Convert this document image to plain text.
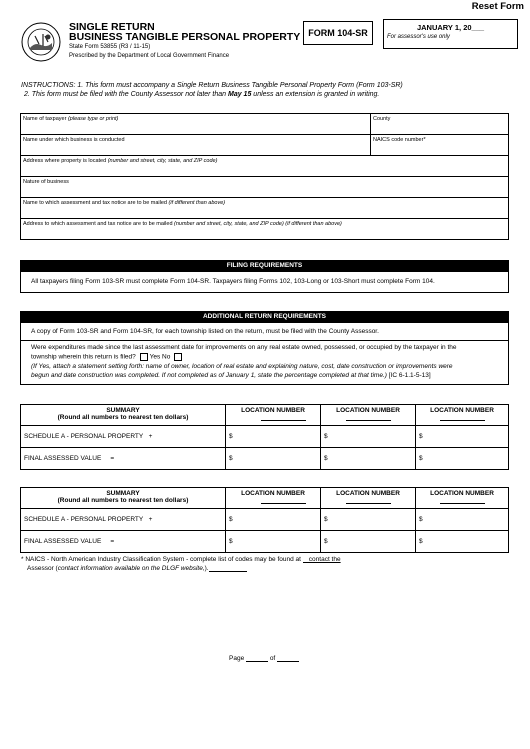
Reset Form
SINGLE RETURN
BUSINESS TANGIBLE PERSONAL PROPERTY
State Form 53855 (R3 / 11-15)
Prescribed by the Department of Local Government Finance
FORM 104-SR
JANUARY 1, 20___
For assessor's use only
INSTRUCTIONS: 1. This form must accompany a Single Return Business Tangible Personal Property Form (Form 103-SR)
2. This form must be filed with the County Assessor not later than May 15 unless an extension is granted in writing.
Name of taxpayer (please type or print)	County
Name under which business is conducted	NAICS code number*
Address where property is located (number and street, city, state, and ZIP code)	
Nature of business	
Name to which assessment and tax notice are to be mailed (if different than above)	
Address to which assessment and tax notice are to be mailed (number and street, city, state, and ZIP code) (if different than above)	
FILING REQUIREMENTS
All taxpayers filing Form 103-SR must complete Form 104-SR. Taxpayers filing Forms 102, 103-Long or 103-Short must complete Form 104.
ADDITIONAL RETURN REQUIREMENTS
A copy of Form 103-SR and Form 104-SR, for each township listed on the return, must be filed with the County Assessor.
Were expenditures made since the last assessment date for improvements on any real estate owned, possessed, or occupied by the taxpayer in the
township wherein this return is filed? Yes No
(If Yes, attach a statement setting forth: name of owner, location of real estate and explaining nature, cost, date construction or improvements were
begun and date construction was completed. If not completed as of January 1, state the percentage completed at that time.) [IC 6-1.1-5-13]
SUMMARY
(Round all numbers to nearest ten dollars)	LOCATION NUMBER	LOCATION NUMBER	LOCATION NUMBER

SCHEDULE A - PERSONAL PROPERTY +	$	$	$
FINAL ASSESSED VALUE =	$	$	$
SUMMARY
(Round all numbers to nearest ten dollars)	LOCATION NUMBER	LOCATION NUMBER	LOCATION NUMBER

SCHEDULE A - PERSONAL PROPERTY +	$	$	$
FINAL ASSESSED VALUE =	$	$	$
* NAICS - North American Industry Classification System - complete list of codes may be found at contact the
Assessor (contact information available on the DLGF website,).
Page	of
